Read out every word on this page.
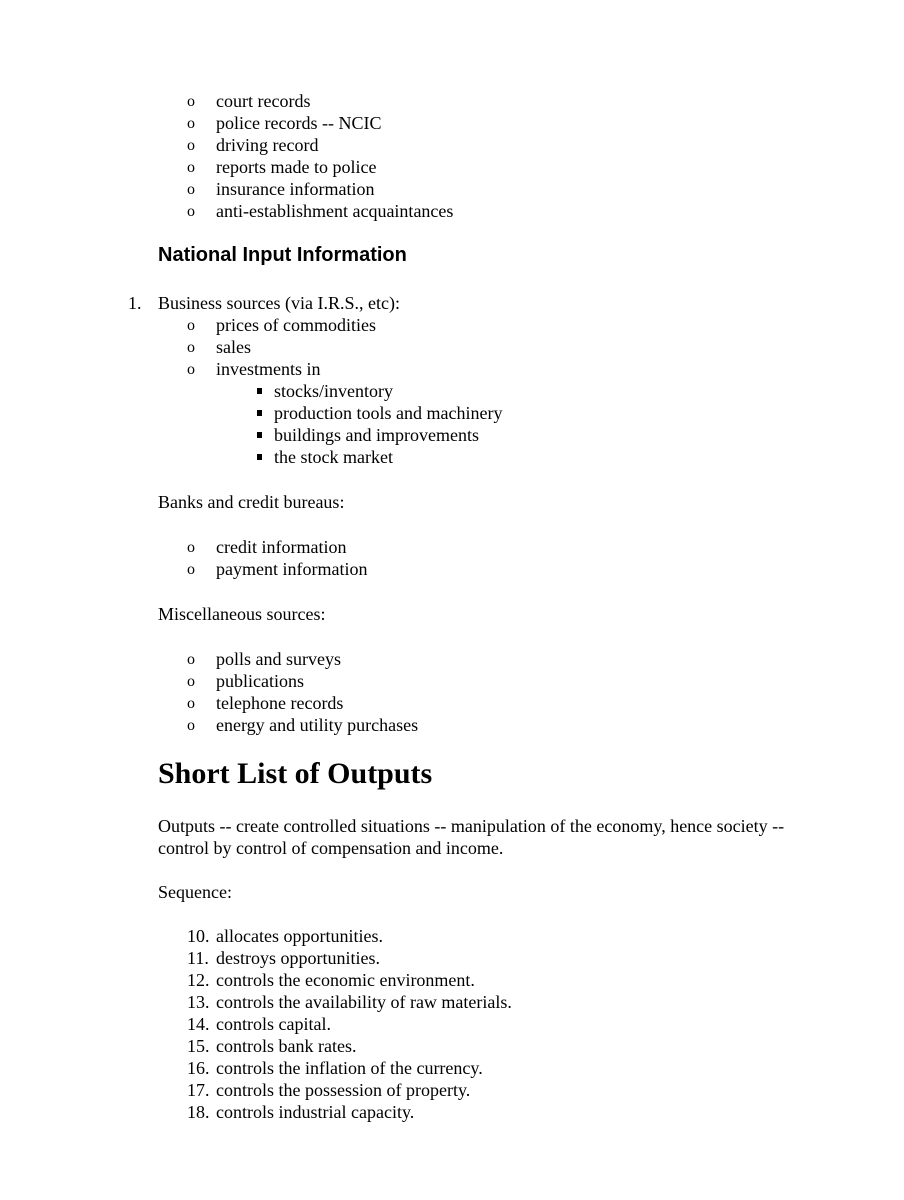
o court records
o police records -- NCIC
o driving record
o reports made to police
o insurance information
o anti-establishment acquaintances
National Input Information
1. Business sources (via I.R.S., etc):
o prices of commodities
o sales
o investments in
stocks/inventory
production tools and machinery
buildings and improvements
the stock market
Banks and credit bureaus:
o credit information
o payment information
Miscellaneous sources:
o polls and surveys
o publications
o telephone records
o energy and utility purchases
Short List of Outputs
Outputs -- create controlled situations -- manipulation of the economy, hence society -- control by control of compensation and income.
Sequence:
10. allocates opportunities.
11. destroys opportunities.
12. controls the economic environment.
13. controls the availability of raw materials.
14. controls capital.
15. controls bank rates.
16. controls the inflation of the currency.
17. controls the possession of property.
18. controls industrial capacity.
